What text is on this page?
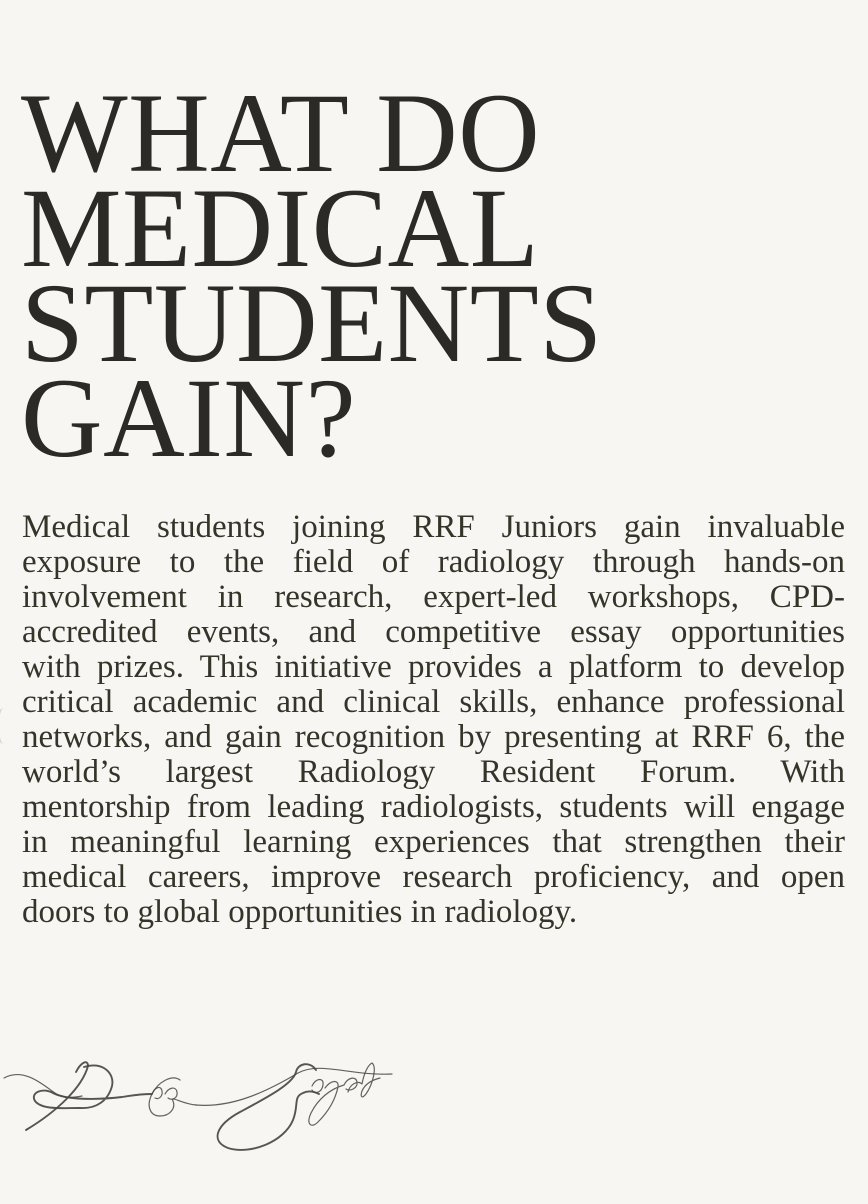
WHAT DO
MEDICAL
STUDENTS
GAIN?
Medical students joining RRF Juniors gain invaluable
exposure to the field of radiology through hands-on
involvement in research, expert-led workshops, CPD-
accredited events, and competitive essay opportunities
with prizes. This initiative provides a platform to develop
critical academic and clinical skills, enhance professional
networks, and gain recognition by presenting at RRF 6, the
world’s largest Radiology Resident Forum. With
mentorship from leading radiologists, students will engage
in meaningful learning experiences that strengthen their
medical careers, improve research proficiency, and open
doors to global opportunities in radiology.
